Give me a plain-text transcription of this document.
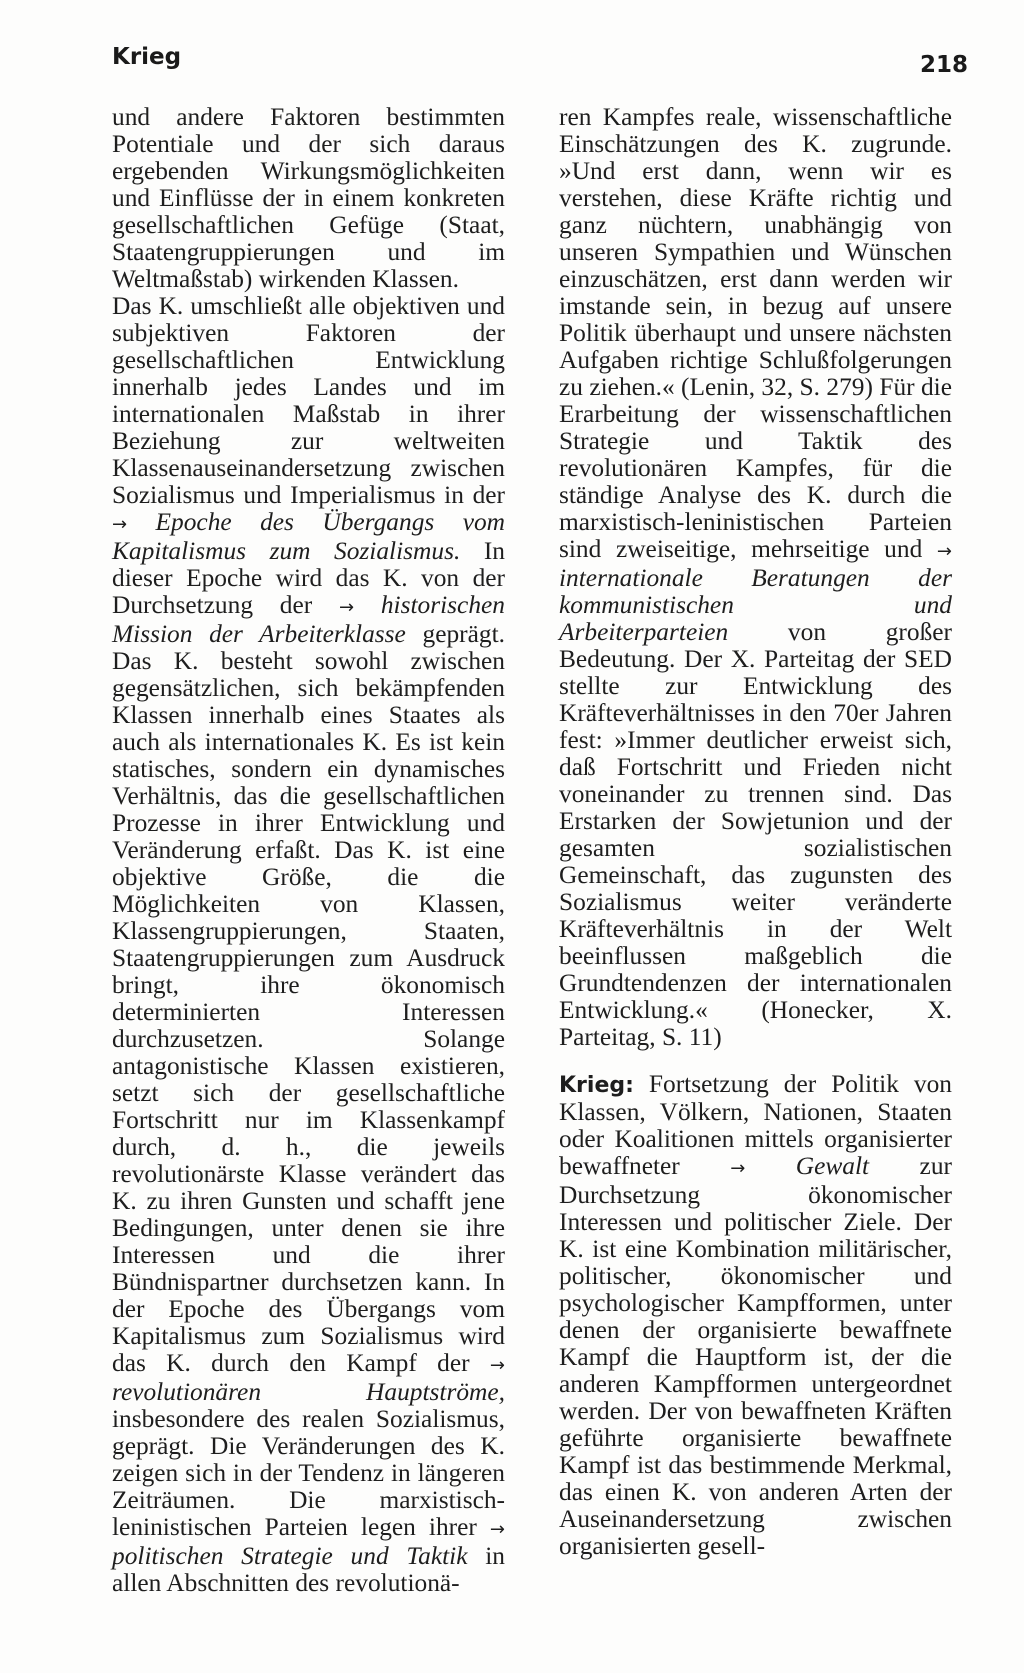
Krieg	218

und andere Faktoren bestimmten Potentiale und der sich daraus ergebenden Wirkungsmöglichkeiten und Einflüsse der in einem konkreten gesellschaftlichen Gefüge (Staat, Staatengruppierungen und im Weltmaßstab) wirkenden Klassen.

Das K. umschließt alle objektiven und subjektiven Faktoren der gesellschaftlichen Entwicklung innerhalb jedes Landes und im internationalen Maßstab in ihrer Beziehung zur weltweiten Klassenauseinandersetzung zwischen Sozialismus und Imperialismus in der → Epoche des Übergangs vom Kapitalismus zum Sozialismus. In dieser Epoche wird das K. von der Durchsetzung der → historischen Mission der Arbeiterklasse geprägt. Das K. besteht sowohl zwischen gegensätzlichen, sich bekämpfenden Klassen innerhalb eines Staates als auch als internationales K. Es ist kein statisches, sondern ein dynamisches Verhältnis, das die gesellschaftlichen Prozesse in ihrer Entwicklung und Veränderung erfaßt. Das K. ist eine objektive Größe, die die Möglichkeiten von Klassen, Klassengruppierungen, Staaten, Staatengruppierungen zum Ausdruck bringt, ihre ökonomisch determinierten Interessen durchzusetzen. Solange antagonistische Klassen existieren, setzt sich der gesellschaftliche Fortschritt nur im Klassenkampf durch, d. h., die jeweils revolutionärste Klasse verändert das K. zu ihren Gunsten und schafft jene Bedingungen, unter denen sie ihre Interessen und die ihrer Bündnispartner durchsetzen kann. In der Epoche des Übergangs vom Kapitalismus zum Sozialismus wird das K. durch den Kampf der → revolutionären Hauptströme, insbesondere des realen Sozialismus, geprägt. Die Veränderungen des K. zeigen sich in der Tendenz in längeren Zeiträumen. Die marxistisch-leninistischen Parteien legen ihrer → politischen Strategie und Taktik in allen Abschnitten des revolutionä-

ren Kampfes reale, wissenschaftliche Einschätzungen des K. zugrunde. »Und erst dann, wenn wir es verstehen, diese Kräfte richtig und ganz nüchtern, unabhängig von unseren Sympathien und Wünschen einzuschätzen, erst dann werden wir imstande sein, in bezug auf unsere Politik überhaupt und unsere nächsten Aufgaben richtige Schlußfolgerungen zu ziehen.« (Lenin, 32, S. 279) Für die Erarbeitung der wissenschaftlichen Strategie und Taktik des revolutionären Kampfes, für die ständige Analyse des K. durch die marxistisch-leninistischen Parteien sind zweiseitige, mehrseitige und → internationale Beratungen der kommunistischen und Arbeiterparteien von großer Bedeutung. Der X. Parteitag der SED stellte zur Entwicklung des Kräfteverhältnisses in den 70er Jahren fest: »Immer deutlicher erweist sich, daß Fortschritt und Frieden nicht voneinander zu trennen sind. Das Erstarken der Sowjetunion und der gesamten sozialistischen Gemeinschaft, das zugunsten des Sozialismus weiter veränderte Kräfteverhältnis in der Welt beeinflussen maßgeblich die Grundtendenzen der internationalen Entwicklung.« (Honecker, X. Parteitag, S. 11)

Krieg: Fortsetzung der Politik von Klassen, Völkern, Nationen, Staaten oder Koalitionen mittels organisierter bewaffneter	→ Gewalt zur Durchsetzung ökonomischer Interessen und politischer Ziele. Der K. ist eine Kombination militärischer, politischer, ökonomischer und psychologischer Kampfformen, unter denen der organisierte bewaffnete Kampf die Hauptform ist, der die anderen Kampfformen untergeordnet werden. Der von bewaffneten Kräften geführte organisierte bewaffnete Kampf ist das bestimmende Merkmal, das einen K. von anderen Arten der Auseinandersetzung zwischen organisierten gesell-
